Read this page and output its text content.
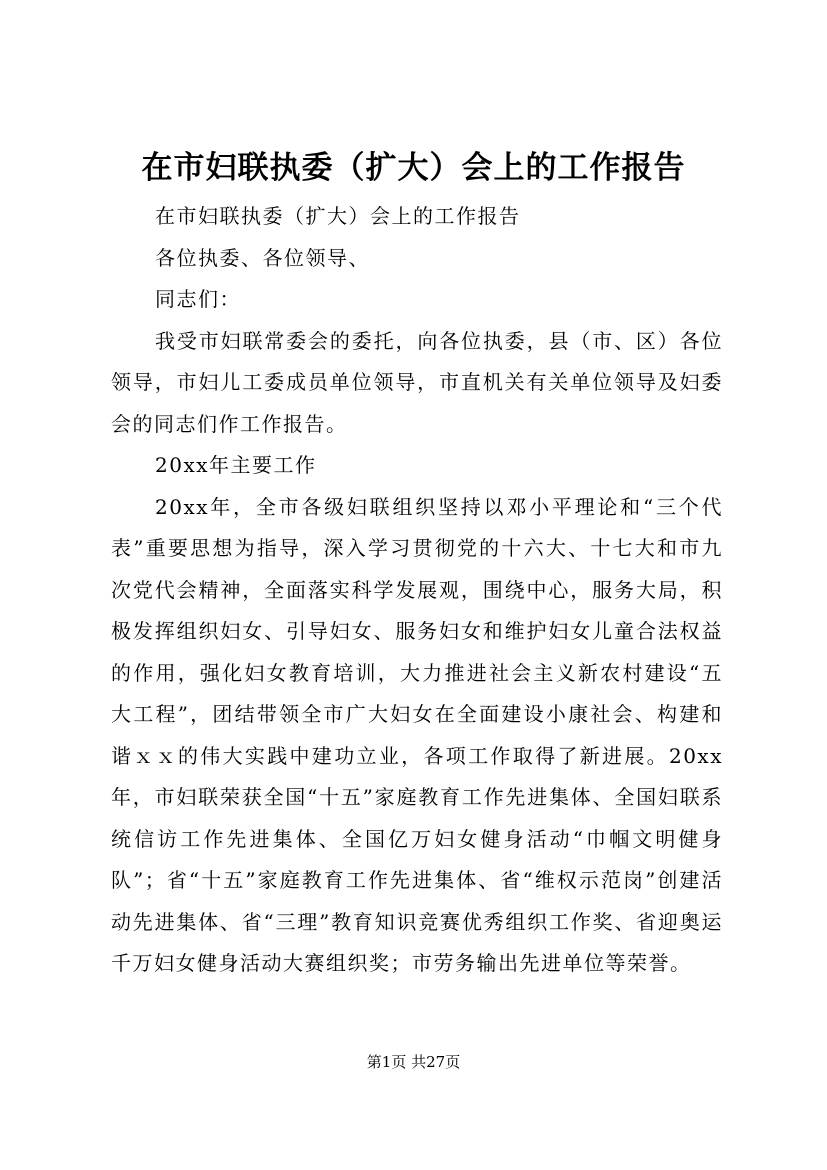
在市妇联执委（扩大）会上的工作报告

在市妇联执委（扩大）会上的工作报告

各位执委、各位领导、

同志们：

我受市妇联常委会的委托，向各位执委，县（市、区）各位领导，市妇儿工委成员单位领导，市直机关有关单位领导及妇委会的同志们作工作报告。

20xx年主要工作

20xx年，全市各级妇联组织坚持以邓小平理论和“三个代表”重要思想为指导，深入学习贯彻党的十六大、十七大和市九次党代会精神，全面落实科学发展观，围绕中心，服务大局，积极发挥组织妇女、引导妇女、服务妇女和维护妇女儿童合法权益的作用，强化妇女教育培训，大力推进社会主义新农村建设“五大工程”，团结带领全市广大妇女在全面建设小康社会、构建和谐ｘｘ的伟大实践中建功立业，各项工作取得了新进展。20xx年，市妇联荣获全国“十五”家庭教育工作先进集体、全国妇联系统信访工作先进集体、全国亿万妇女健身活动“巾帼文明健身队”；省“十五”家庭教育工作先进集体、省“维权示范岗”创建活动先进集体、省“三理”教育知识竞赛优秀组织工作奖、省迎奥运千万妇女健身活动大赛组织奖；市劳务输出先进单位等荣誉。

第1页 共27页
